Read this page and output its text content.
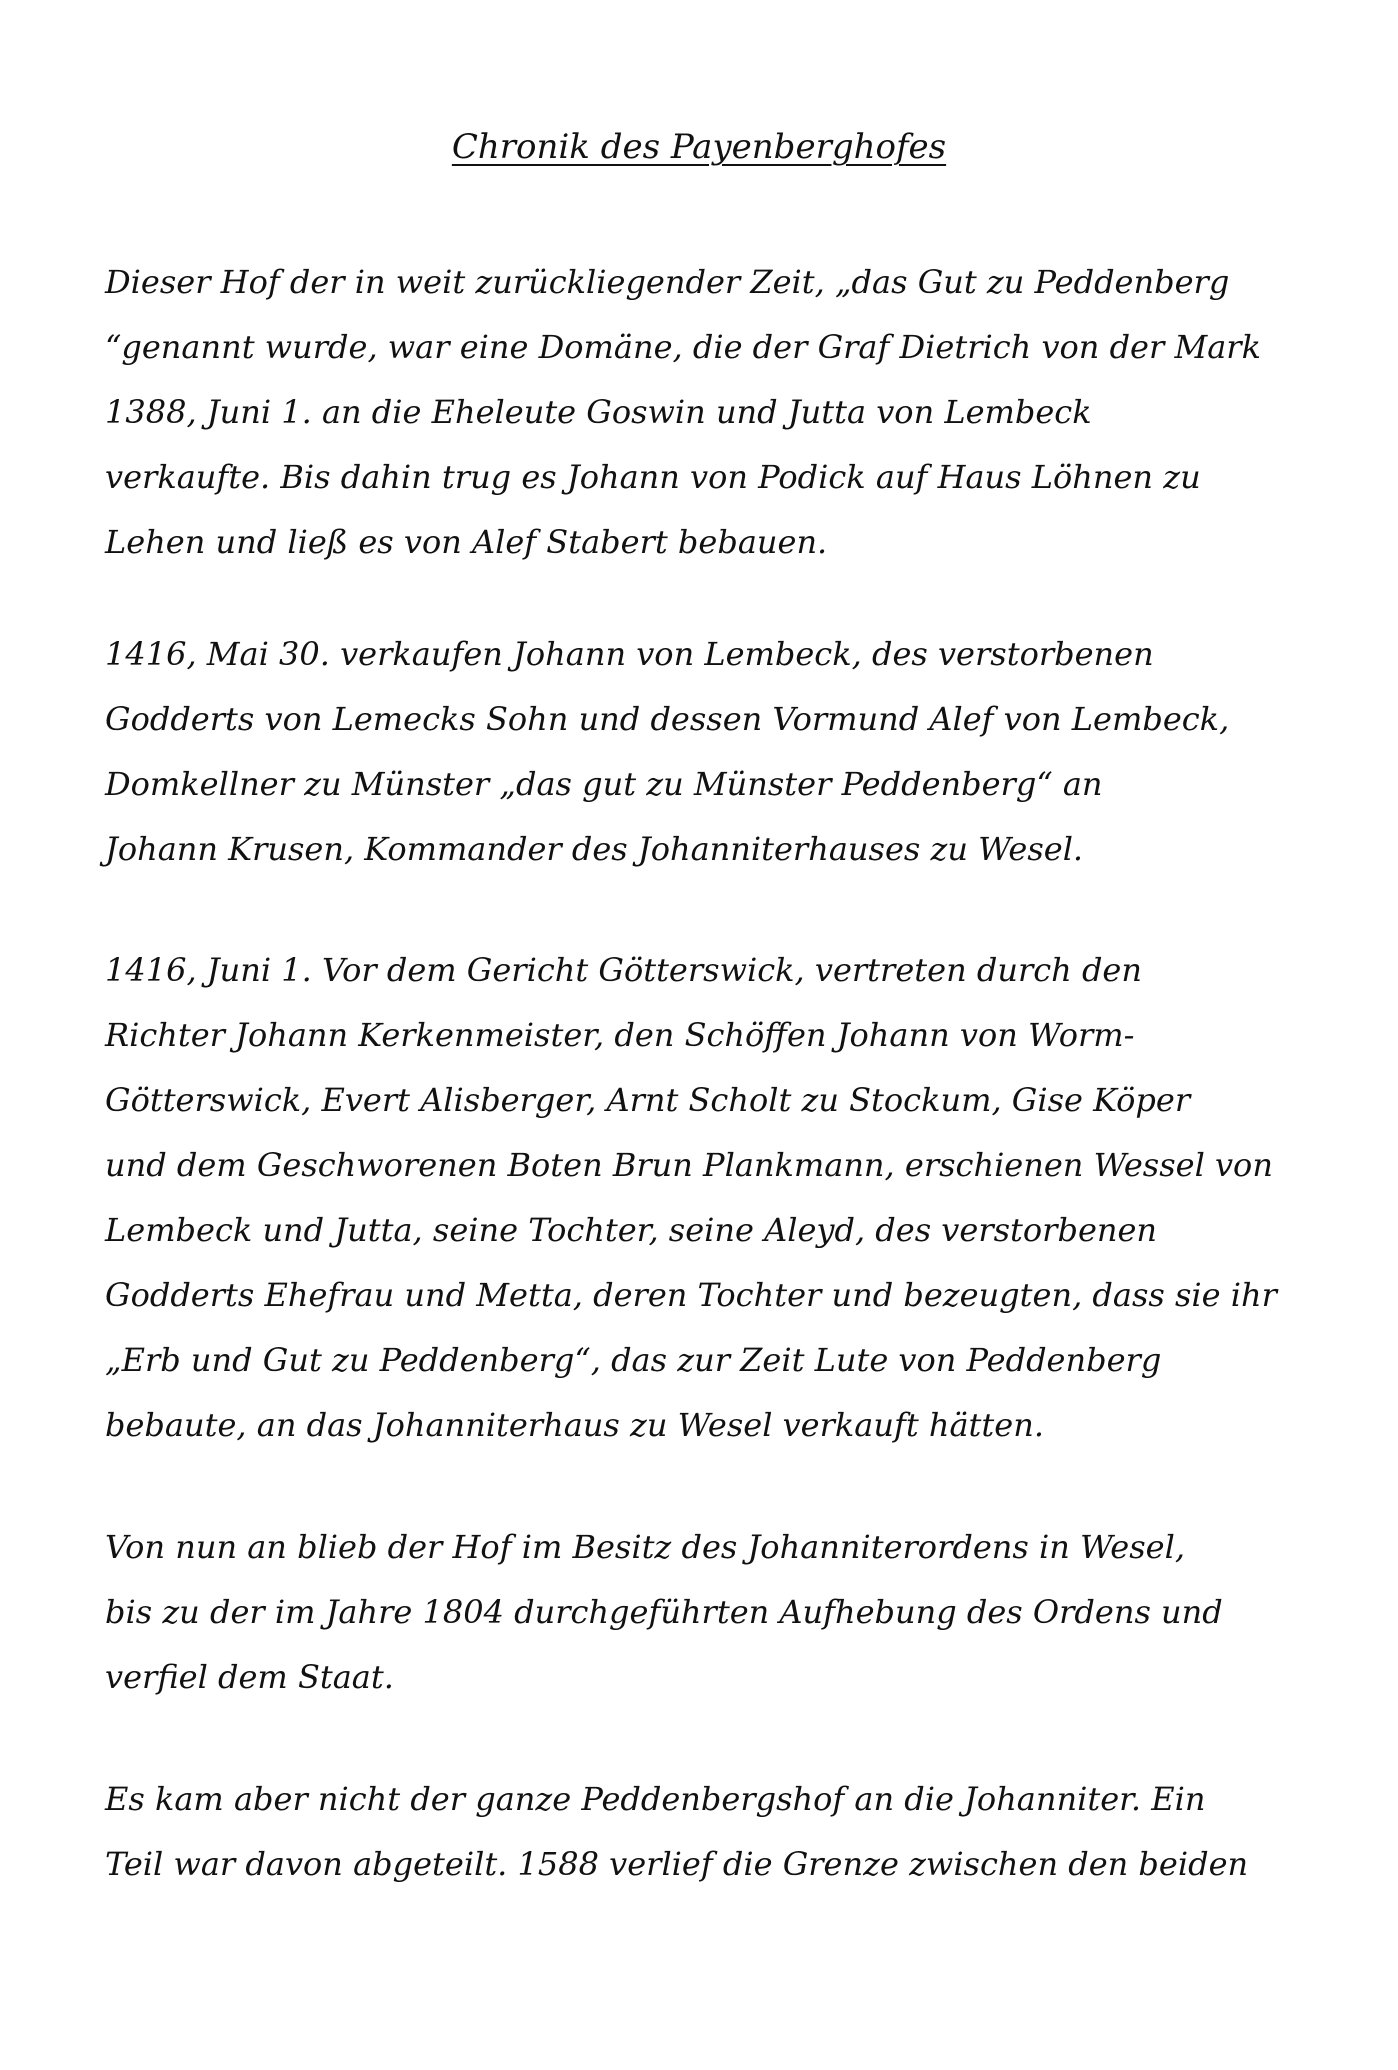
Chronik des Payenberghofes
Dieser Hof der in weit zurückliegender Zeit, „das Gut zu Peddenberg
“genannt wurde, war eine Domäne, die der Graf Dietrich von der Mark
1388, Juni 1. an die Eheleute Goswin und Jutta von Lembeck
verkaufte. Bis dahin trug es Johann von Podick auf Haus Löhnen zu
Lehen und ließ es von Alef Stabert bebauen.
1416, Mai 30. verkaufen Johann von Lembeck, des verstorbenen
Godderts von Lemecks Sohn und dessen Vormund Alef von Lembeck,
Domkellner zu Münster „das gut zu Münster Peddenberg“ an
Johann Krusen, Kommander des Johanniterhauses zu Wesel.
1416, Juni 1. Vor dem Gericht Götterswick, vertreten durch den
Richter Johann Kerkenmeister, den Schöffen Johann von Worm-
Götterswick, Evert Alisberger, Arnt Scholt zu Stockum, Gise Köper
und dem Geschworenen Boten Brun Plankmann, erschienen Wessel von
Lembeck und Jutta, seine Tochter, seine Aleyd, des verstorbenen
Godderts Ehefrau und Metta, deren Tochter und bezeugten, dass sie ihr
„Erb und Gut zu Peddenberg“, das zur Zeit Lute von Peddenberg
bebaute, an das Johanniterhaus zu Wesel verkauft hätten.
Von nun an blieb der Hof im Besitz des Johanniterordens in Wesel,
bis zu der im Jahre 1804 durchgeführten Aufhebung des Ordens und
verfiel dem Staat.
Es kam aber nicht der ganze Peddenbergshof an die Johanniter. Ein
Teil war davon abgeteilt. 1588 verlief die Grenze zwischen den beiden
